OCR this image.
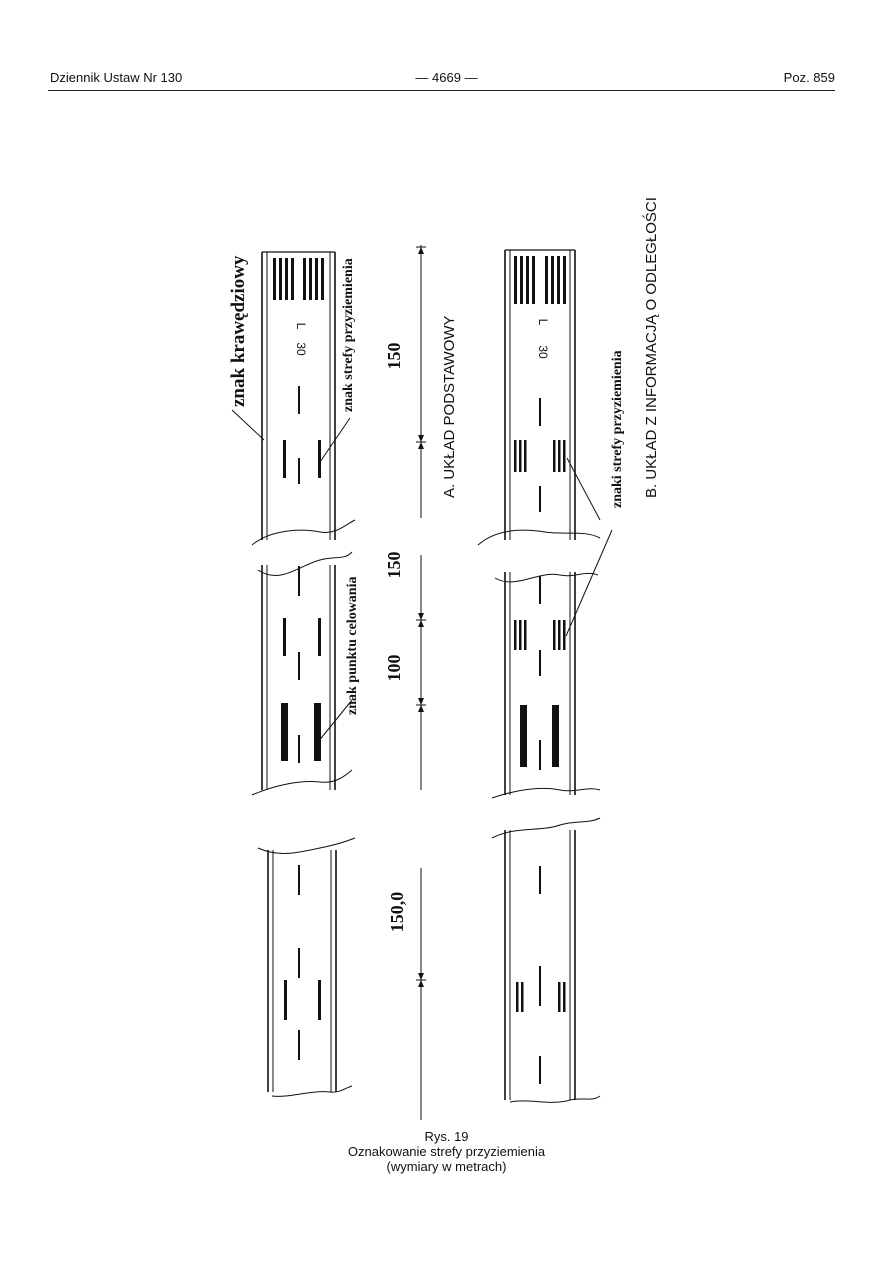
Dziennik Ustaw Nr 130	— 4669 —	Poz. 859
30
L
30
L
znak krawędziowy	znak strefy przyziemienia
znak punktu celowania
znaki strefy przyziemienia
A. UKŁAD PODSTAWOWY	B. UKŁAD Z INFORMACJĄ O ODLEGŁOŚCI
150
150
100
150,0
Rys. 19
Oznakowanie strefy przyziemienia
(wymiary w metrach)
